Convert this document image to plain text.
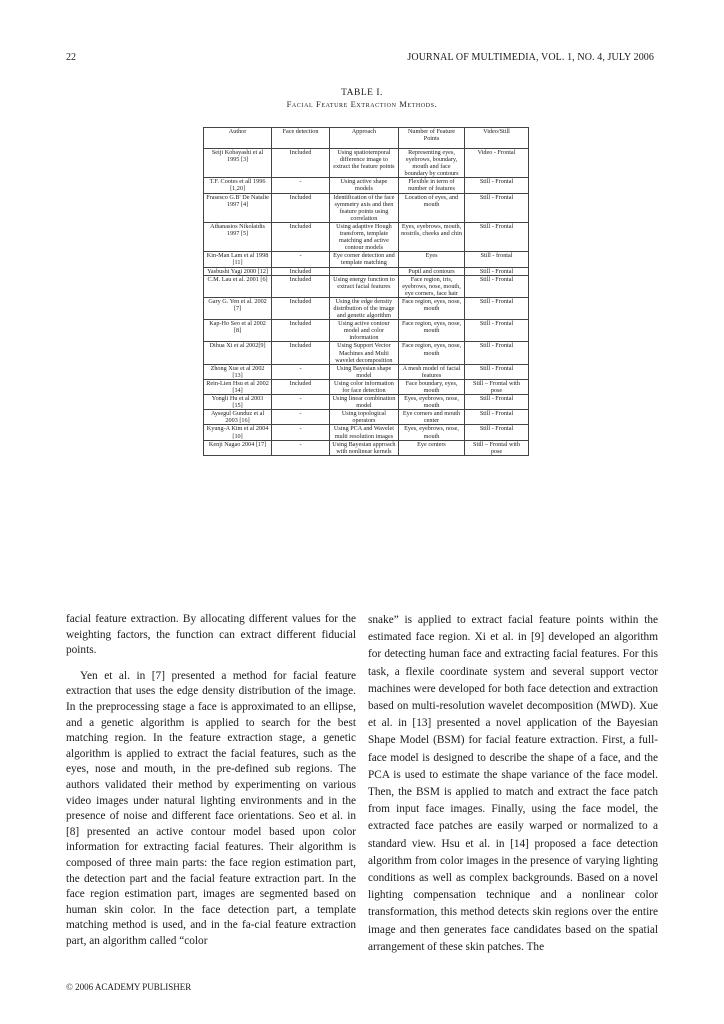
22	JOURNAL OF MULTIMEDIA, VOL. 1, NO. 4, JULY 2006
TABLE I.
Facial Feature Extraction Methods.
Author	Face detection	Approach	Number of Feature Points	Video/Still
Seiji Kobayashi et al 1995 [3]	Included	Using spatiotemporal difference image to extract the feature points	Representing eyes, eyebrows, boundary, mouth and face boundary by contours	Video - Frontal
T.F. Cootes et all 1996 [1,20]	-	Using active shape models	Flexible in term of number of features	Still - Frontal
Frasesco G.B' De Natalie 1997 [4]	Included	Identification of the face symmetry axis and then feature points using correlation	Location of eyes, and mouth	Still - Frontal
Athanasios Nikolaidis 1997 [5]	Included	Using adaptive Hough transform, template matching and active contour models	Eyes, eyebrows, mouth, nostrils, cheeks and chin	Still - Frontal
Kin-Man Lam et al 1998 [11]	-	Eye corner detection and template matching	Eyes	Still - frontal
Yasbushi Yagi 2000 [12]	Included		Pupil and contours	Still - Frontal
C.M. Lau et al. 2001 [6]	Included	Using energy function to extract facial features	Face region, iris, eyebrows, nose, mouth, eye corners, face hair	Still - Frontal
Gary G. Yen et al. 2002 [7]	Included	Using the edge density distribution of the image and genetic algorithm	Face region, eyes, nose, mouth	Still - Frontal
Kap-Ho Seo et al 2002 [8]	Included	Using active contour model and color information	Face region, eyes, nose, mouth	Still - Frontal
Dihua Xi et al 2002[9]	Included	Using Support Vector Machines and Multi wavelet decomposition	Face region, eyes, nose, mouth	Still - Frontal
Zhong Xue et al 2002 [13]	-	Using Bayesian shape model	A mesh model of facial features	Still - Frontal
Rein-Lien Hsu et al 2002 [14]	Included	Using color information for face detection	Face boundary, eyes, mouth	Still – Frontal with pose
Yongli Hu et al 2003 [15]	-	Using linear combination model	Eyes, eyebrows, nose, mouth	Still - Frontal
Aysegul Gunduz et al 2003 [16]	-	Using topological operators	Eye corners and mouth center	Still - Frontal
Kyung-A Kim et al 2004 [10]	-	Using PCA and Wavelet multi resolution images	Eyes, eyebrows, nose, mouth	Still - Frontal
Kenji Nagao 2004 [17]	-	Using Bayesian approach with nonlinear kernels	Eye centers	Still – Frontal with pose

facial feature extraction. By allocating different values for the weighting factors, the function can extract different fiducial points.

Yen et al. in [7] presented a method for facial feature extraction that uses the edge density distribution of the image. In the preprocessing stage a face is approximated to an ellipse, and a genetic algorithm is applied to search for the best matching region. In the feature extraction stage, a genetic algorithm is applied to extract the facial features, such as the eyes, nose and mouth, in the pre-defined sub regions. The authors validated their method by experimenting on various video images under natural lighting environments and in the presence of noise and different face orientations. Seo et al. in [8] presented an active contour model based upon color information for extracting facial features. Their algorithm is composed of three main parts: the face region estimation part, the detection part and the facial feature extraction part. In the face region estimation part, images are segmented based on human skin color. In the face detection part, a template matching method is used, and in the fa-cial feature extraction part, an algorithm called “color

snake” is applied to extract facial feature points within the estimated face region. Xi et al. in [9] developed an algorithm for detecting human face and extracting facial features. For this task, a flexile coordinate system and several support vector machines were developed for both face detection and extraction based on multi-resolution wavelet decomposition (MWD). Xue et al. in [13] presented a novel application of the Bayesian Shape Model (BSM) for facial feature extraction. First, a full-face model is designed to describe the shape of a face, and the PCA is used to estimate the shape variance of the face model. Then, the BSM is applied to match and extract the face patch from input face images. Finally, using the face model, the extracted face patches are easily warped or normalized to a standard view. Hsu et al. in [14] proposed a face detection algorithm from color images in the presence of varying lighting conditions as well as complex backgrounds. Based on a novel lighting compensation technique and a nonlinear color transformation, this method detects skin regions over the entire image and then generates face candidates based on the spatial arrangement of these skin patches. The

© 2006 ACADEMY PUBLISHER
